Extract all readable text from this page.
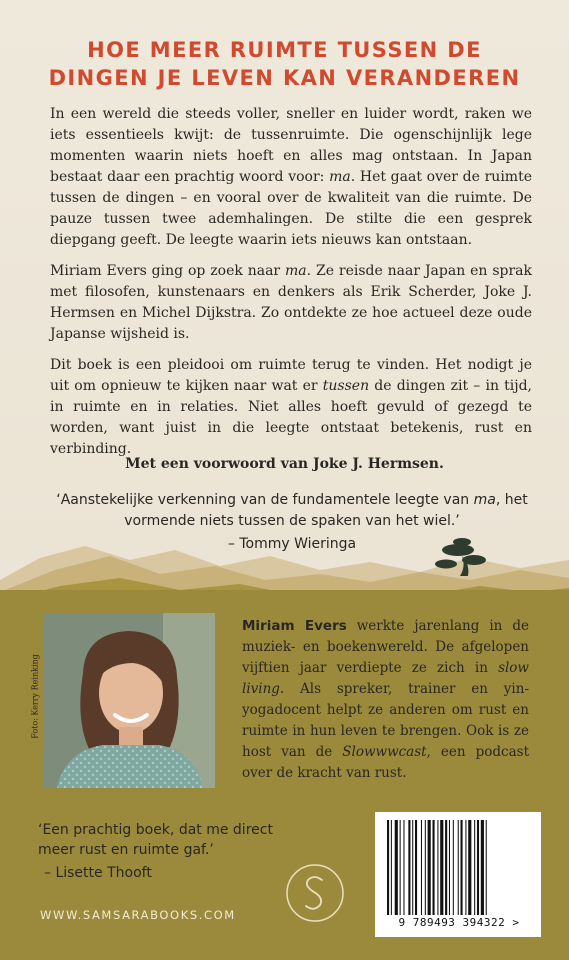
HOE MEER RUIMTE TUSSEN DE
DINGEN JE LEVEN KAN VERANDEREN

In een wereld die steeds voller, sneller en luider wordt, raken we iets essentieels kwijt: de tussenruimte. Die ogenschijnlijk lege momenten waarin niets hoeft en alles mag ontstaan. In Japan bestaat daar een prachtig woord voor: ma. Het gaat over de ruimte tussen de dingen – en vooral over de kwaliteit van die ruimte. De pauze tussen twee ademhalingen. De stilte die een gesprek diepgang geeft. De leegte waarin iets nieuws kan ontstaan.

Miriam Evers ging op zoek naar ma. Ze reisde naar Japan en sprak met filosofen, kunstenaars en denkers als Erik Scherder, Joke J. Hermsen en Michel Dijkstra. Zo ontdekte ze hoe actueel deze oude Japanse wijsheid is.

Dit boek is een pleidooi om ruimte terug te vinden. Het nodigt je uit om opnieuw te kijken naar wat er tussen de dingen zit – in tijd, in ruimte en in relaties. Niet alles hoeft gevuld of gezegd te worden, want juist in die leegte ontstaat betekenis, rust en verbinding.

Met een voorwoord van Joke J. Hermsen.
‘Aanstekelijke verkenning van de fundamentele leegte van ma, het vormende niets tussen de spaken van het wiel.’
– Tommy Wieringa
Foto: Kerry Reinking
Miriam Evers werkte jarenlang in de muziek- en boekenwereld. De afgelopen vijftien jaar verdiepte ze zich in slow living. Als spreker, trainer en yin-yogadocent helpt ze anderen om rust en ruimte in hun leven te brengen. Ook is ze host van de Slowwwcast, een podcast over de kracht van rust.
‘Een prachtig boek, dat me direct
meer rust en ruimte gaf.’
– Lisette Thooft
WWW.SAMSARABOOKS.COM
9 789493 394322 >
